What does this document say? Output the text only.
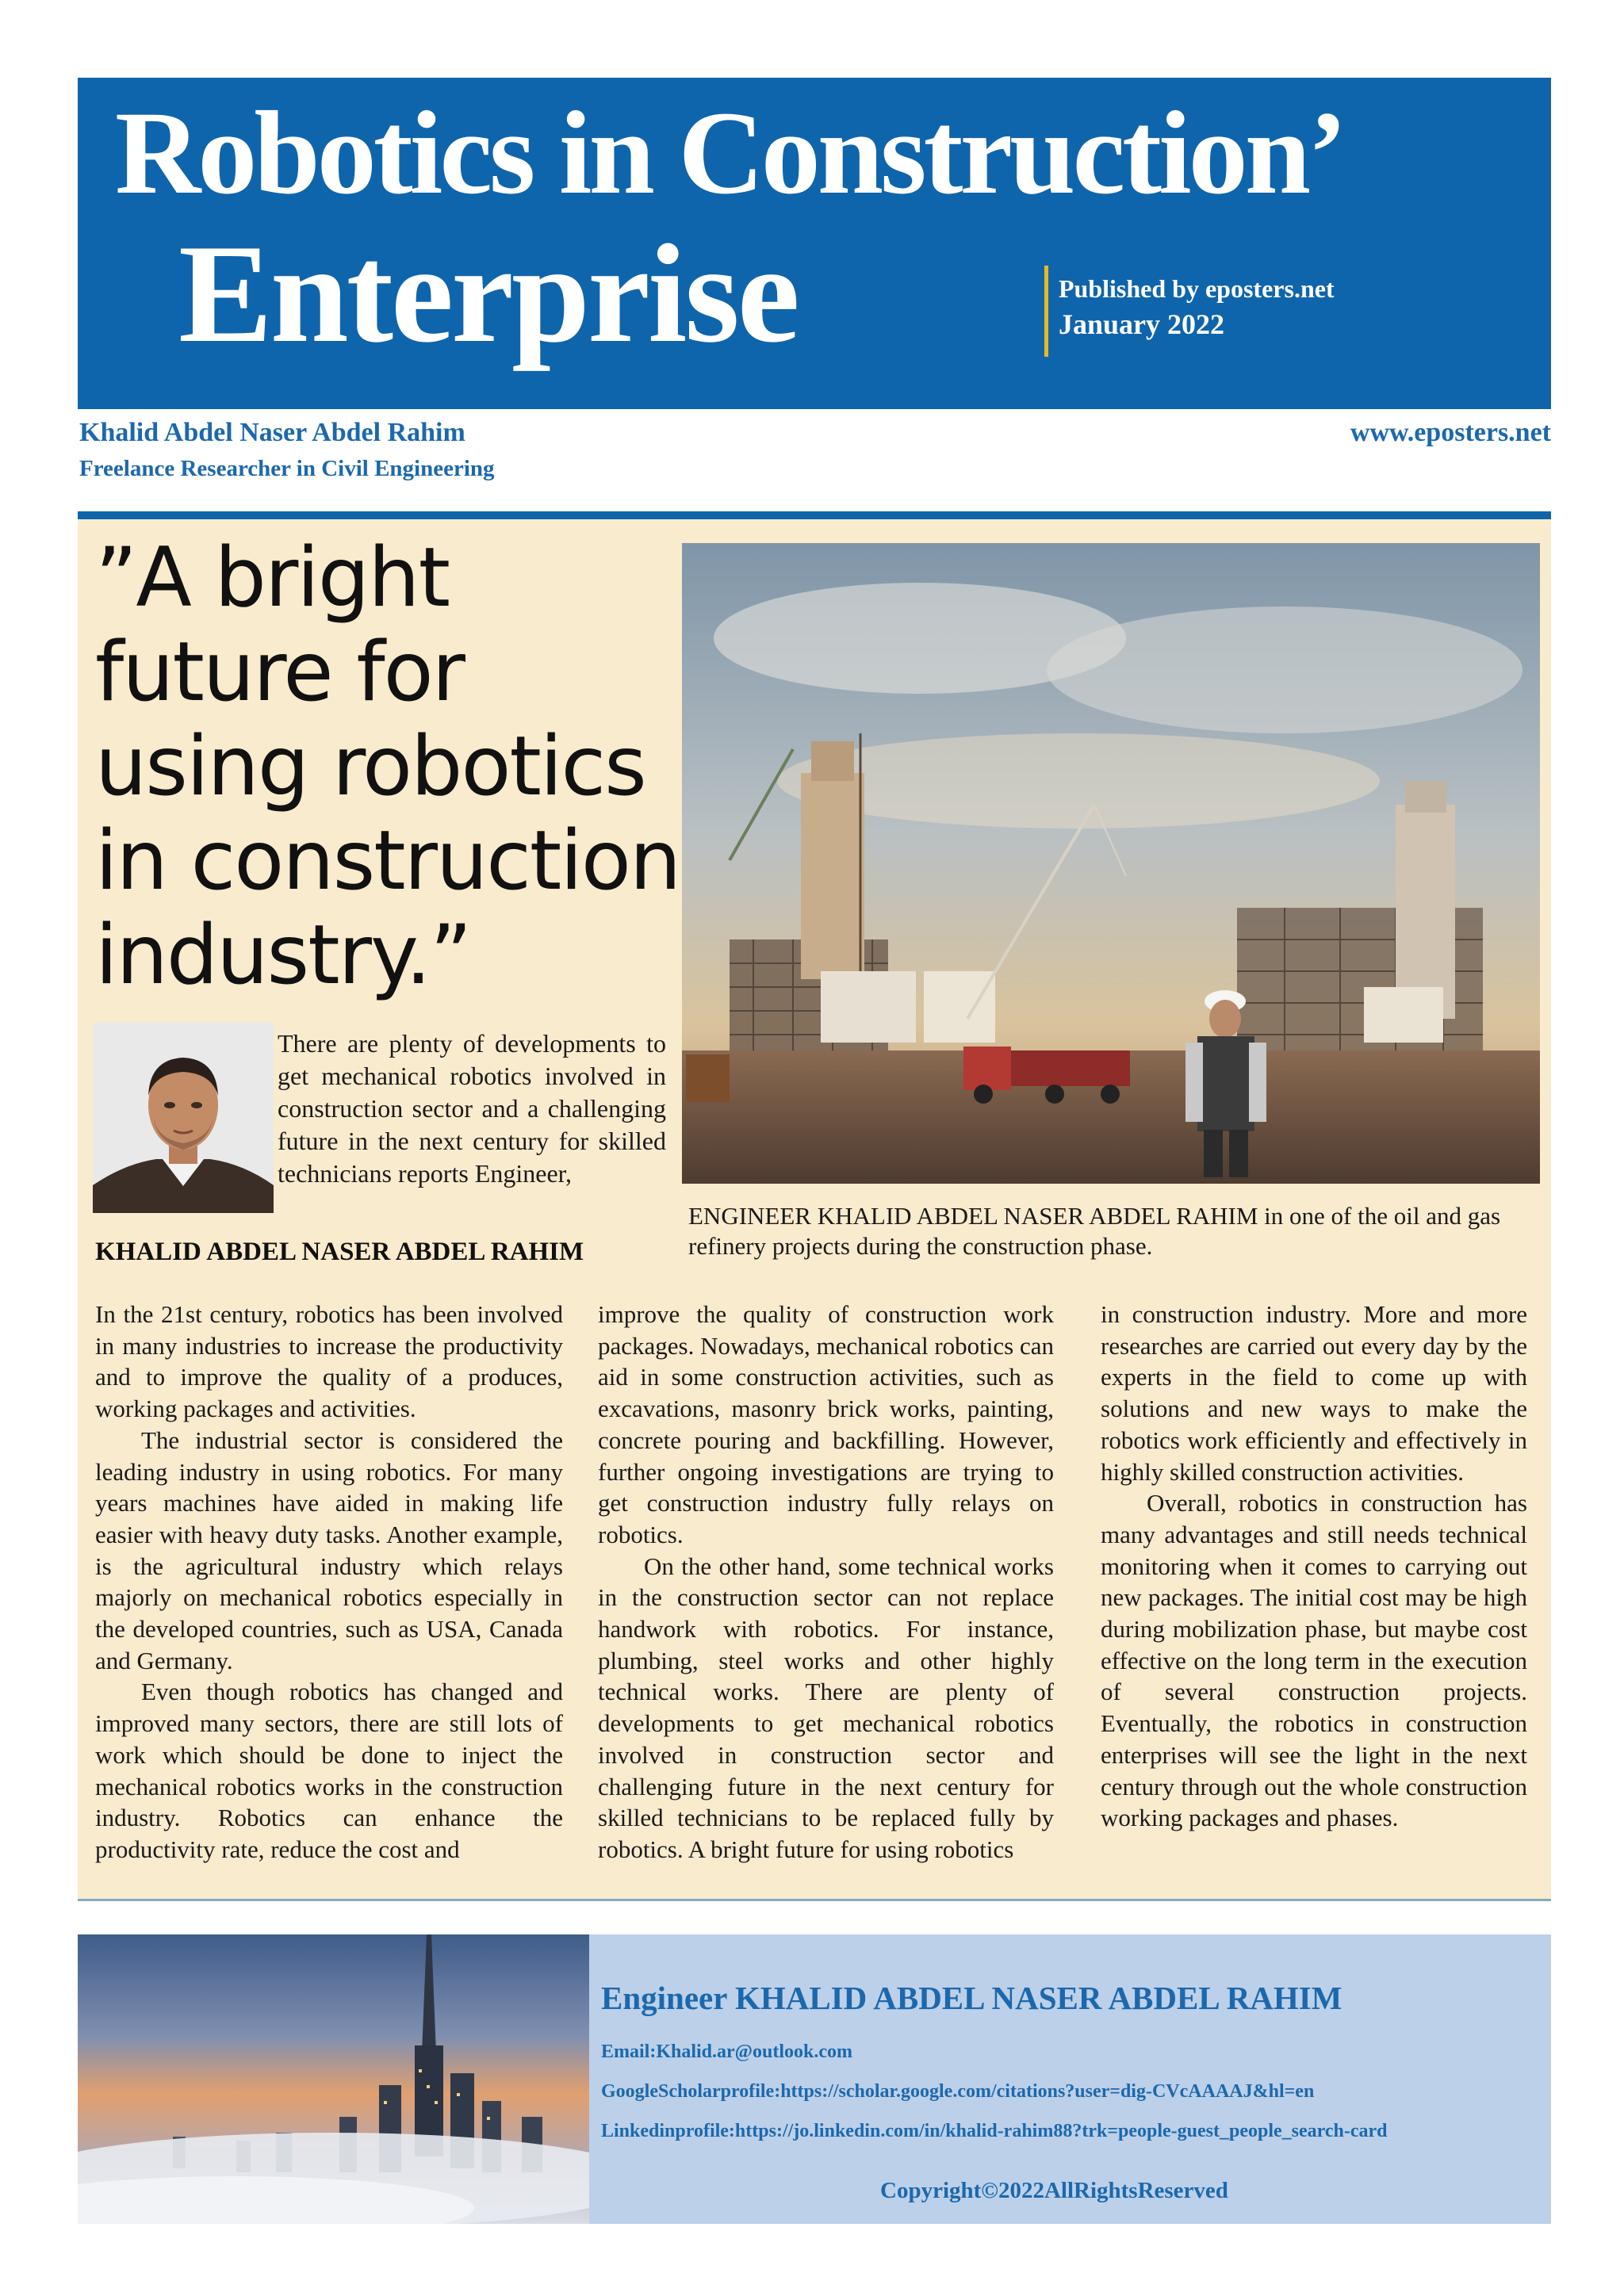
Robotics in Construction’
Enterprise	Published by eposters.net
January 2022
Khalid Abdel Naser Abdel Rahim
Freelance Researcher in Civil Engineering
www.eposters.net
”A bright future for using robotics in construction industry.”
There are plenty of developments to get mechanical robotics involved in construction sector and a challenging future in the next century for skilled technicians reports Engineer,
KHALID ABDEL NASER ABDEL RAHIM
ENGINEER KHALID ABDEL NASER ABDEL RAHIM in one of the oil and gas refinery projects during the construction phase.

In the 21st century, robotics has been involved in many industries to increase the productivity and to improve the quality of a produces, working packages and activities.

The industrial sector is considered the leading industry in using robotics. For many years machines have aided in making life easier with heavy duty tasks. Another example, is the agricultural industry which relays majorly on mechanical robotics especially in the developed countries, such as USA, Canada and Germany.

Even though robotics has changed and improved many sectors, there are still lots of work which should be done to inject the mechanical robotics works in the construction industry. Robotics can enhance the productivity rate, reduce the cost and

improve the quality of construction work packages. Nowadays, mechanical robotics can aid in some construction activities, such as excavations, masonry brick works, painting, concrete pouring and backfilling. However, further ongoing investigations are trying to get construction industry fully relays on robotics.

On the other hand, some technical works in the construction sector can not replace handwork with robotics. For instance, plumbing, steel works and other highly technical works. There are plenty of developments to get mechanical robotics involved in construction sector and challenging future in the next century for skilled technicians to be replaced fully by robotics. A bright future for using robotics

in construction industry. More and more researches are carried out every day by the experts in the field to come up with solutions and new ways to make the robotics work efficiently and effectively in highly skilled construction activities.

Overall, robotics in construction has many advantages and still needs technical monitoring when it comes to carrying out new packages. The initial cost may be high during mobilization phase, but maybe cost effective on the long term in the execution of several construction projects. Eventually, the robotics in construction enterprises will see the light in the next century through out the whole construction working packages and phases.

Engineer KHALID ABDEL NASER ABDEL RAHIM
Email:Khalid.ar@outlook.com
GoogleScholarprofile:https://scholar.google.com/citations?user=dig-CVcAAAAJ&hl=en
Linkedinprofile:https://jo.linkedin.com/in/khalid-rahim88?trk=people-guest_people_search-card
Copyright©2022AllRightsReserved
